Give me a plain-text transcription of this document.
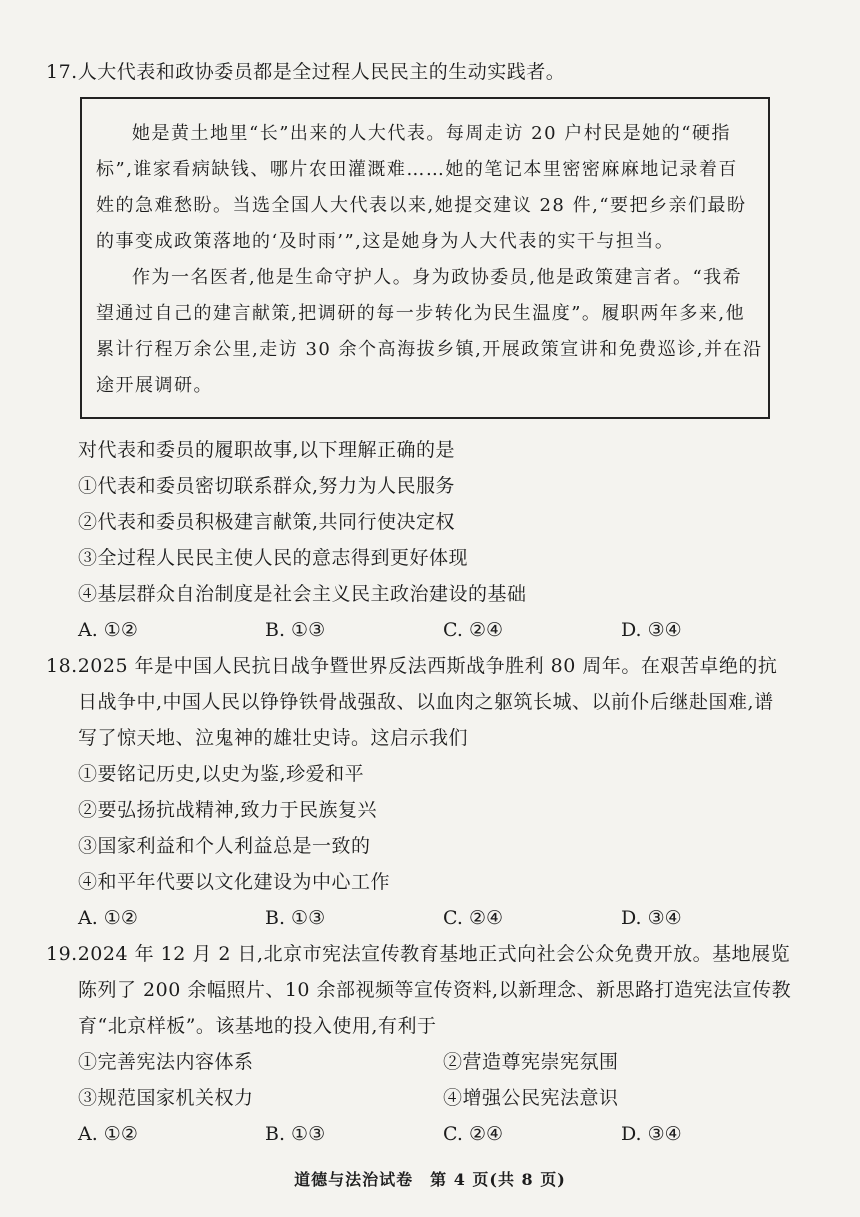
17.人大代表和政协委员都是全过程人民民主的生动实践者。
她是黄土地里“长”出来的人大代表。每周走访 20 户村民是她的“硬指
标”,谁家看病缺钱、哪片农田灌溉难……她的笔记本里密密麻麻地记录着百
姓的急难愁盼。当选全国人大代表以来,她提交建议 28 件,“要把乡亲们最盼
的事变成政策落地的‘及时雨’”,这是她身为人大代表的实干与担当。
作为一名医者,他是生命守护人。身为政协委员,他是政策建言者。“我希
望通过自己的建言献策,把调研的每一步转化为民生温度”。履职两年多来,他
累计行程万余公里,走访 30 余个高海拔乡镇,开展政策宣讲和免费巡诊,并在沿
途开展调研。
对代表和委员的履职故事,以下理解正确的是
①代表和委员密切联系群众,努力为人民服务
②代表和委员积极建言献策,共同行使决定权
③全过程人民民主使人民的意志得到更好体现
④基层群众自治制度是社会主义民主政治建设的基础
A. ①②	B. ①③	C. ②④	D. ③④
18.2025 年是中国人民抗日战争暨世界反法西斯战争胜利 80 周年。在艰苦卓绝的抗
日战争中,中国人民以铮铮铁骨战强敌、以血肉之躯筑长城、以前仆后继赴国难,谱
写了惊天地、泣鬼神的雄壮史诗。这启示我们
①要铭记历史,以史为鉴,珍爱和平
②要弘扬抗战精神,致力于民族复兴
③国家利益和个人利益总是一致的
④和平年代要以文化建设为中心工作
A. ①②	B. ①③	C. ②④	D. ③④
19.2024 年 12 月 2 日,北京市宪法宣传教育基地正式向社会公众免费开放。基地展览
陈列了 200 余幅照片、10 余部视频等宣传资料,以新理念、新思路打造宪法宣传教
育“北京样板”。该基地的投入使用,有利于
①完善宪法内容体系	②营造尊宪崇宪氛围
③规范国家机关权力	④增强公民宪法意识
A. ①②	B. ①③	C. ②④	D. ③④
道德与法治试卷　第 4 页(共 8 页)
